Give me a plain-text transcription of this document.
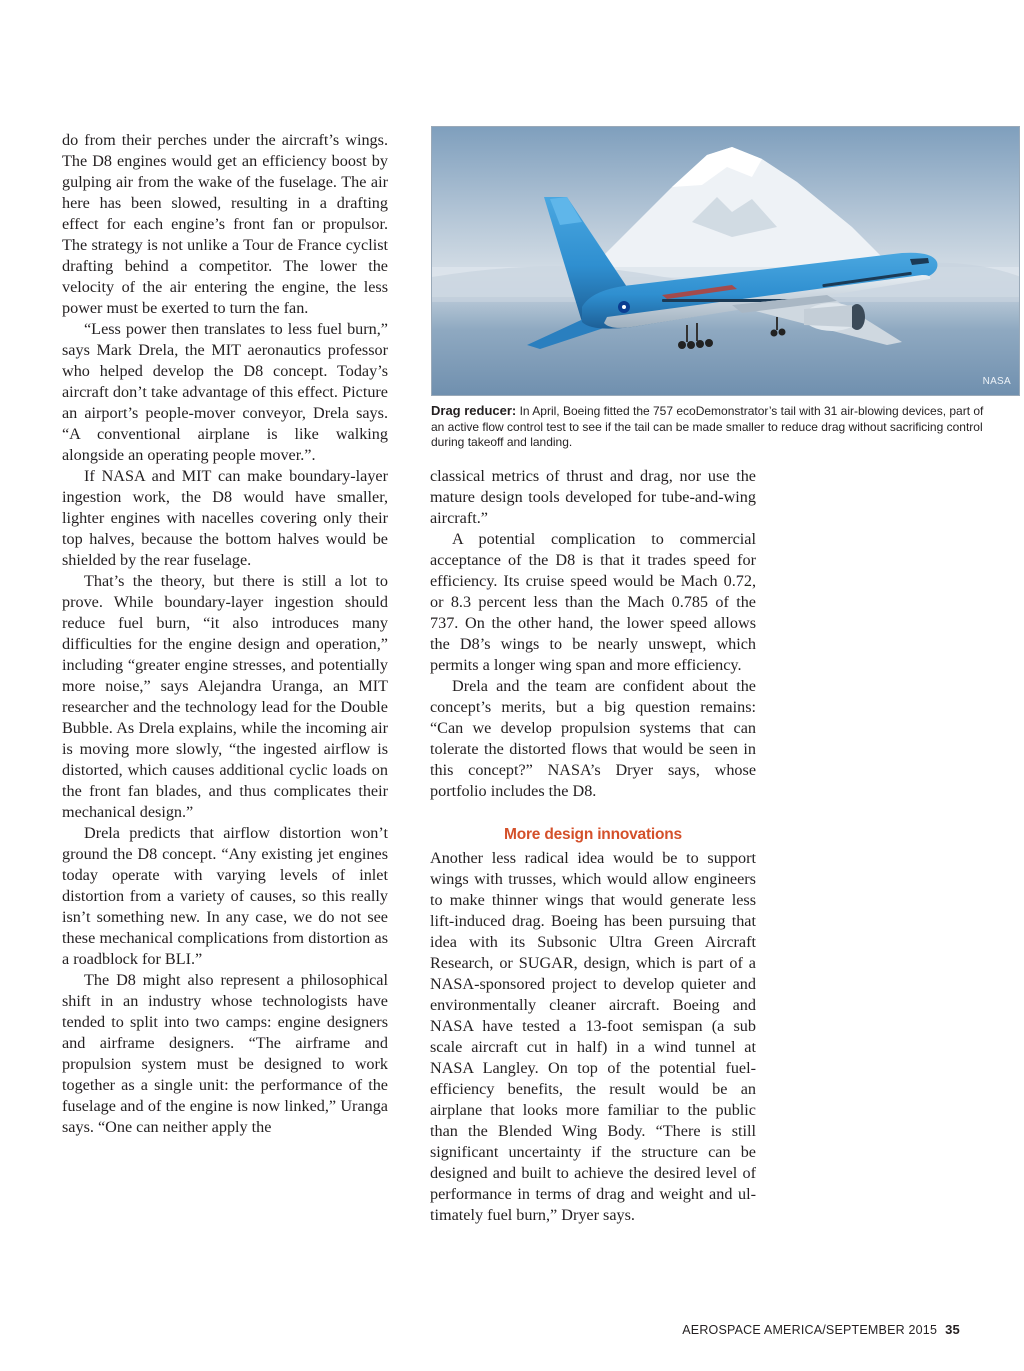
do from their perches under the aircraft’s wings. The D8 engines would get an efficiency boost by gulping air from the wake of the fuselage. The air here has been slowed, resulting in a drafting effect for each engine’s front fan or propulsor. The strategy is not unlike a Tour de France cyclist drafting behind a competitor. The lower the velocity of the air entering the engine, the less power must be exerted to turn the fan.

“Less power then translates to less fuel burn,” says Mark Drela, the MIT aeronautics professor who helped develop the D8 concept. Today’s aircraft don’t take advantage of this effect. Picture an airport’s people-mover conveyor, Drela says. “A conventional airplane is like walking alongside an operating people mover.”.

If NASA and MIT can make boundary-layer ingestion work, the D8 would have smaller, lighter engines with nacelles covering only their top halves, because the bottom halves would be shielded by the rear fuselage.

That’s the theory, but there is still a lot to prove. While boundary-layer ingestion should reduce fuel burn, “it also introduces many difficulties for the engine design and operation,” including “greater engine stresses, and potentially more noise,” says Alejandra Uranga, an MIT researcher and the technology lead for the Double Bubble. As Drela explains, while the incoming air is moving more slowly, “the ingested airflow is distorted, which causes additional cyclic loads on the front fan blades, and thus complicates their mechanical design.”

Drela predicts that airflow distortion won’t ground the D8 concept. “Any existing jet engines today operate with varying levels of inlet distortion from a variety of causes, so this really isn’t something new. In any case, we do not see these mechanical complications from distortion as a roadblock for BLI.”

The D8 might also represent a philosophical shift in an industry whose technologists have tended to split into two camps: engine designers and airframe designers. “The airframe and propulsion system must be designed to work together as a single unit: the performance of the fuselage and of the engine is now linked,” Uranga says. “One can neither apply the

NASA
Drag reducer: In April, Boeing fitted the 757 ecoDemonstrator’s tail with 31 air-blowing devices, part of an active flow control test to see if the tail can be made smaller to reduce drag without sacrificing control during takeoff and landing.

classical metrics of thrust and drag, nor use the mature design tools developed for tube-and-wing aircraft.”

A potential complication to commercial acceptance of the D8 is that it trades speed for efficiency. Its cruise speed would be Mach 0.72, or 8.3 percent less than the Mach 0.785 of the 737. On the other hand, the lower speed allows the D8’s wings to be nearly unswept, which permits a longer wing span and more efficiency.

Drela and the team are confident about the concept’s merits, but a big question remains: “Can we develop propulsion systems that can tolerate the distorted flows that would be seen in this concept?” NASA’s Dryer says, whose portfolio includes the D8.

More design innovations

Another less radical idea would be to support wings with trusses, which would allow engineers to make thinner wings that would generate less lift-induced drag. Boeing has been pursuing that idea with its Subsonic Ultra Green Aircraft Research, or SUGAR, design, which is part of a NASA-sponsored project to develop quieter and environmentally cleaner aircraft. Boeing and NASA have tested a 13-foot semispan (a sub scale aircraft cut in half) in a wind tunnel at NASA Langley. On top of the potential fuel-efficiency benefits, the result would be an airplane that looks more familiar to the public than the Blended Wing Body. “There is still significant uncertainty if the structure can be designed and built to achieve the desired level of performance in terms of drag and weight and ultimately fuel burn,” Dryer says.

AEROSPACE AMERICA/SEPTEMBER 2015 35
